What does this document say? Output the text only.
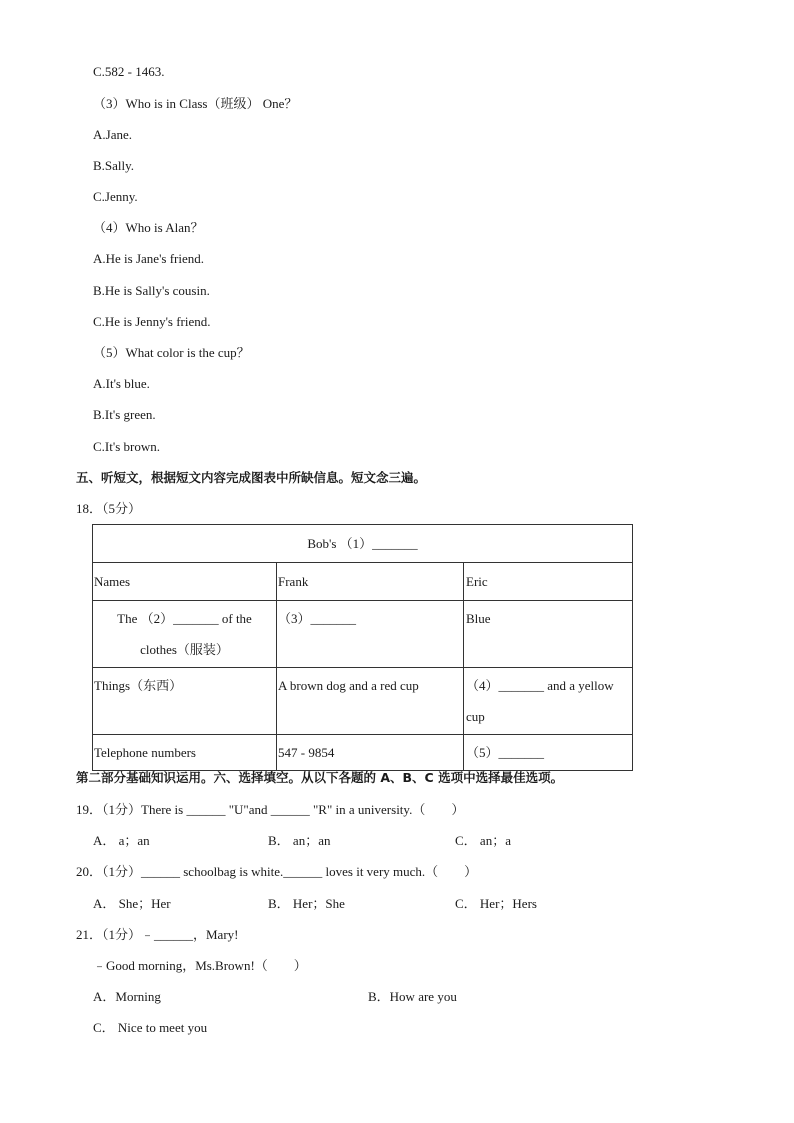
C.582 - 1463.
（3）Who is in Class（班级） One？
A.Jane.
B.Sally.
C.Jenny.
（4）Who is Alan？
A.He is Jane's friend.
B.He is Sally's cousin.
C.He is Jenny's friend.
（5）What color is the cup？
A.It's blue.
B.It's green.
C.It's brown.
五、听短文，根据短文内容完成图表中所缺信息。短文念三遍。
18．（5分）
Bob's （1）_______		
Names	Frank	Eric

The （2）_______ of the
clothes（服装）	（3）_______	Blue
Things（东西）	A brown dog and a red cup	（4）_______ and a yellow
cup

Telephone numbers	547 - 9854	（5）_______
第二部分基础知识运用。六、选择填空。从以下各题的 A、B、C 选项中选择最佳选项。
19．（1分）There is ______ "U"and ______ "R" in a university.（　　）
A． a；an	B． an；an	C． an；a
20．（1分）______ schoolbag is white.______ loves it very much.（　　）
A． She；Her	B． Her；She	C． Her；Hers
21．（1分）﹣______，Mary!
﹣Good morning，Ms.Brown!（　　）
A．Morning	B．How are you
C． Nice to meet you
